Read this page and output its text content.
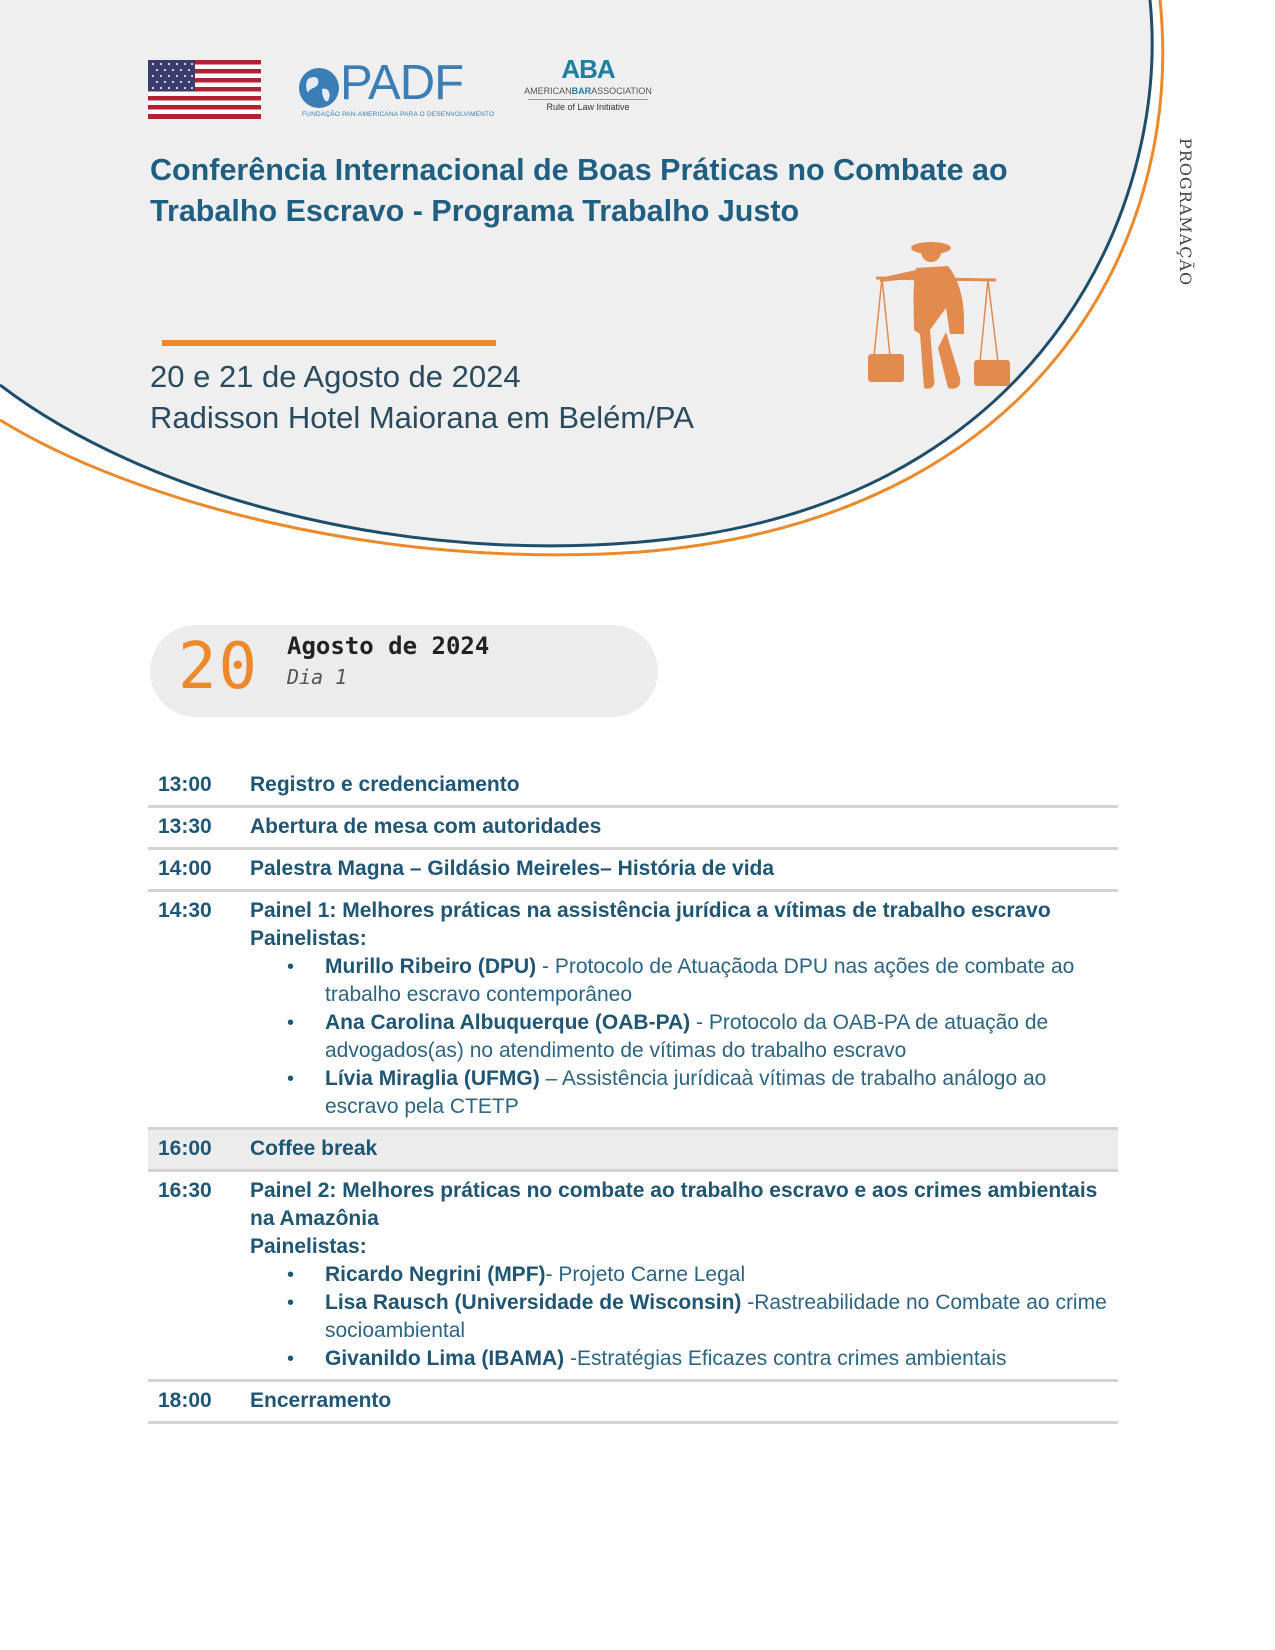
PADF
FUNDAÇÃO PAN-AMERICANA PARA O DESENVOLVIMENTO
ABA
AMERICANBARASSOCIATION
Rule of Law Initiative
Conferência Internacional de Boas Práticas no Combate ao
Trabalho Escravo - Programa Trabalho Justo	PROGRAMAÇÃO
20 e 21 de Agosto de 2024
Radisson Hotel Maiorana em Belém/PA
20 Agosto de 2024
Dia 1
13:00	Registro e credenciamento
13:30	Abertura de mesa com autoridades
14:00	Palestra Magna – Gildásio Meireles– História de vida
14:30	Painel 1: Melhores práticas na assistência jurídica a vítimas de trabalho escravo
Painelistas:
• Murillo Ribeiro (DPU) - Protocolo de Atuaçãoda DPU nas ações de combate ao trabalho escravo contemporâneo
• Ana Carolina Albuquerque (OAB-PA) - Protocolo da OAB-PA de atuação de advogados(as) no atendimento de vítimas do trabalho escravo
• Lívia Miraglia (UFMG) – Assistência jurídicaà vítimas de trabalho análogo ao escravo pela CTETP
16:00	Coffee break
16:30	Painel 2: Melhores práticas no combate ao trabalho escravo e aos crimes ambientais na Amazônia
Painelistas:
• Ricardo Negrini (MPF)- Projeto Carne Legal
• Lisa Rausch (Universidade de Wisconsin) -Rastreabilidade no Combate ao crime socioambiental
• Givanildo Lima (IBAMA) -Estratégias Eficazes contra crimes ambientais
18:00	Encerramento
